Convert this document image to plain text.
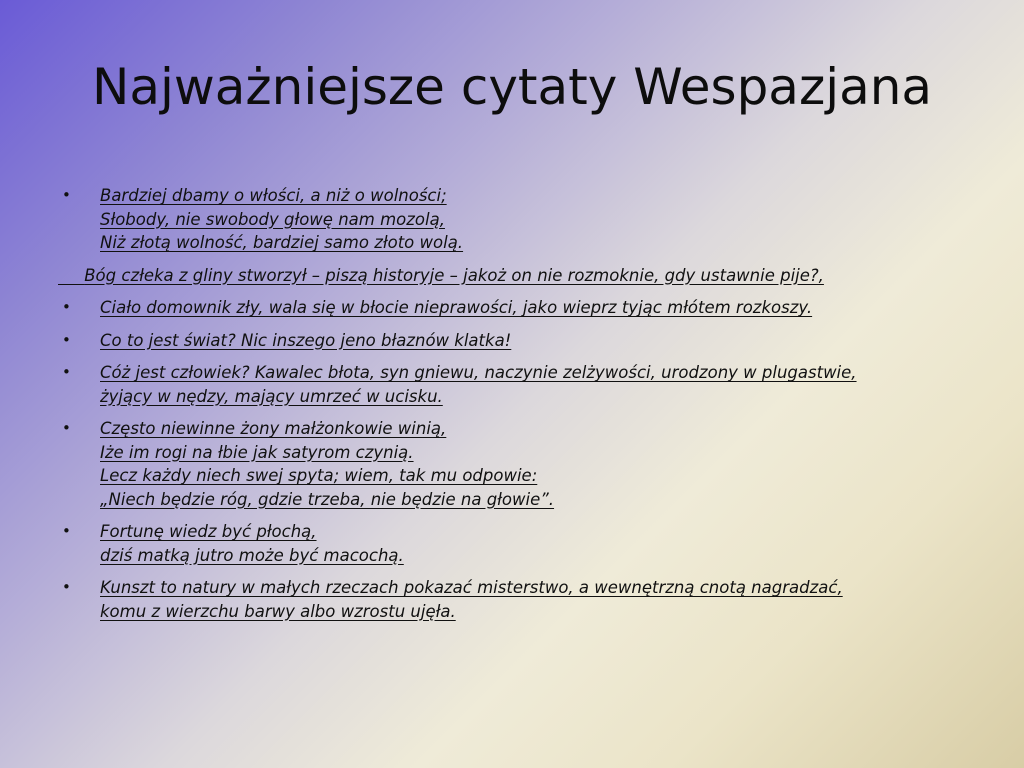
Najważniejsze cytaty Wespazjana
• Bardziej dbamy o włości, a niż o wolności;
Słobody, nie swobody głowę nam mozolą,
Niż złotą wolność, bardziej samo złoto wolą.
Bóg człeka z gliny stworzył – piszą historyje – jakoż on nie rozmoknie, gdy ustawnie pije?,
• Ciało domownik zły, wala się w błocie nieprawości, jako wieprz tyjąc młótem rozkoszy.
• Co to jest świat? Nic inszego jeno błaznów klatka!
• Cóż jest człowiek? Kawalec błota, syn gniewu, naczynie zelżywości, urodzony w plugastwie,
żyjący w nędzy, mający umrzeć w ucisku.
• Często niewinne żony małżonkowie winią,
Iże im rogi na łbie jak satyrom czynią.
Lecz każdy niech swej spyta; wiem, tak mu odpowie:
„Niech będzie róg, gdzie trzeba, nie będzie na głowie”.
• Fortunę wiedz być płochą,
dziś matką jutro może być macochą.
• Kunszt to natury w małych rzeczach pokazać misterstwo, a wewnętrzną cnotą nagradzać,
komu z wierzchu barwy albo wzrostu ujęła.
